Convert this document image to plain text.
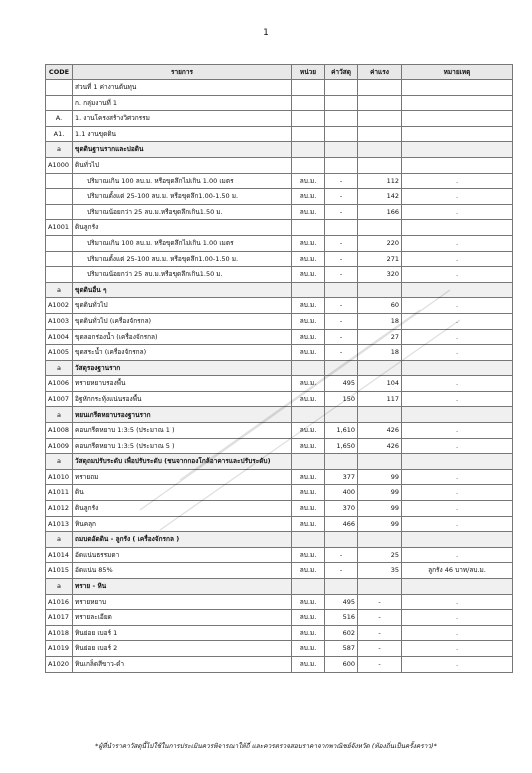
1
CODE	รายการ	หน่วย	ค่าวัสดุ	ค่าแรง	หมายเหตุ
	ส่วนที่ 1 ค่างานต้นทุน				
	ก. กลุ่มงานที่ 1				
A.	1. งานโครงสร้างวิศวกรรม				
A1.	1.1 งานขุดดิน				
a	ขุดดินฐานรากและบ่อดิน				
A1000	ดินทั่วไป				
	ปริมาณเกิน 100 ลบ.ม. หรือขุดลึกไม่เกิน 1.00 เมตร	ลบ.ม.	-	112	.
	ปริมาณตั้งแต่ 25-100 ลบ.ม. หรือขุดลึก1.00-1.50 ม.	ลบ.ม.	-	142	.
	ปริมาณน้อยกว่า 25 ลบ.ม.หรือขุดลึกเกิน1.50 ม.	ลบ.ม.	-	166	.
A1001	ดินลูกรัง				
	ปริมาณเกิน 100 ลบ.ม. หรือขุดลึกไม่เกิน 1.00 เมตร	ลบ.ม.	-	220	.
	ปริมาณตั้งแต่ 25-100 ลบ.ม. หรือขุดลึก1.00-1.50 ม.	ลบ.ม.	-	271	.
	ปริมาณน้อยกว่า 25 ลบ.ม.หรือขุดลึกเกิน1.50 ม.	ลบ.ม.	-	320	.
a	ขุดดินอื่น ๆ				
A1002	ขุดดินทั่วไป	ลบ.ม.	-	60	.
A1003	ขุดดินทั่วไป (เครื่องจักรกล)	ลบ.ม.	-	18	.
A1004	ขุดลอกร่องน้ำ (เครื่องจักรกล)	ลบ.ม.	-	27	.
A1005	ขุดสระน้ำ (เครื่องจักรกล)	ลบ.ม.	-	18	.
a	วัสดุรองฐานราก				
A1006	ทรายหยาบรองพื้น	ลบ.ม.	495	104	.
A1007	อิฐหักกระทุ้งแน่นรองพื้น	ลบ.ม.	150	117	.
a	หยนเกรีตหยาบรองฐานราก				
A1008	คอนกรีตหยาบ 1:3:5 (ประมาณ 1 )	ลบ.ม.	1,610	426	.
A1009	คอนกรีตหยาบ 1:3:5 (ประมาณ 5 )	ลบ.ม.	1,650	426	.
a	วัสดุถมปรับระดับ เพื่อปรับระดับ (ชนจากกองโกล้อาคารและปรับระดับ)				
A1010	ทรายถม	ลบ.ม.	377	99	.
A1011	ดิน	ลบ.ม.	400	99	.
A1012	ดินลูกรัง	ลบ.ม.	370	99	.
A1013	หินคลุก	ลบ.ม.	466	99	.
a	ถมบดอัดดิน - ลูกรัง ( เครื่องจักรกล )				
A1014	อัดแน่นธรรมดา	ลบ.ม.	-	25	.
A1015	อัดแน่น 85%	ลบ.ม.	-	35	ลูกรัง 46 บาท/ลบ.ม.
a	ทราย - หิน				
A1016	ทรายหยาบ	ลบ.ม.	495	-	.
A1017	ทรายละเอียด	ลบ.ม.	516	-	.
A1018	หินย่อย เบอร์ 1	ลบ.ม.	602	-	.
A1019	หินย่อย เบอร์ 2	ลบ.ม.	587	-	.
A1020	หินเกล็ดสีขาว-ดำ	ลบ.ม.	600	-	.
*ผู้ที่นำราคาวัสดุนี้ไปใช้ในการประเมินควรพิจารณาให้ถี่ และควรตรวจสอบราคาจากพาณิชย์จังหวัด (ท้องถิ่นเป็นครั้งคราว)*
